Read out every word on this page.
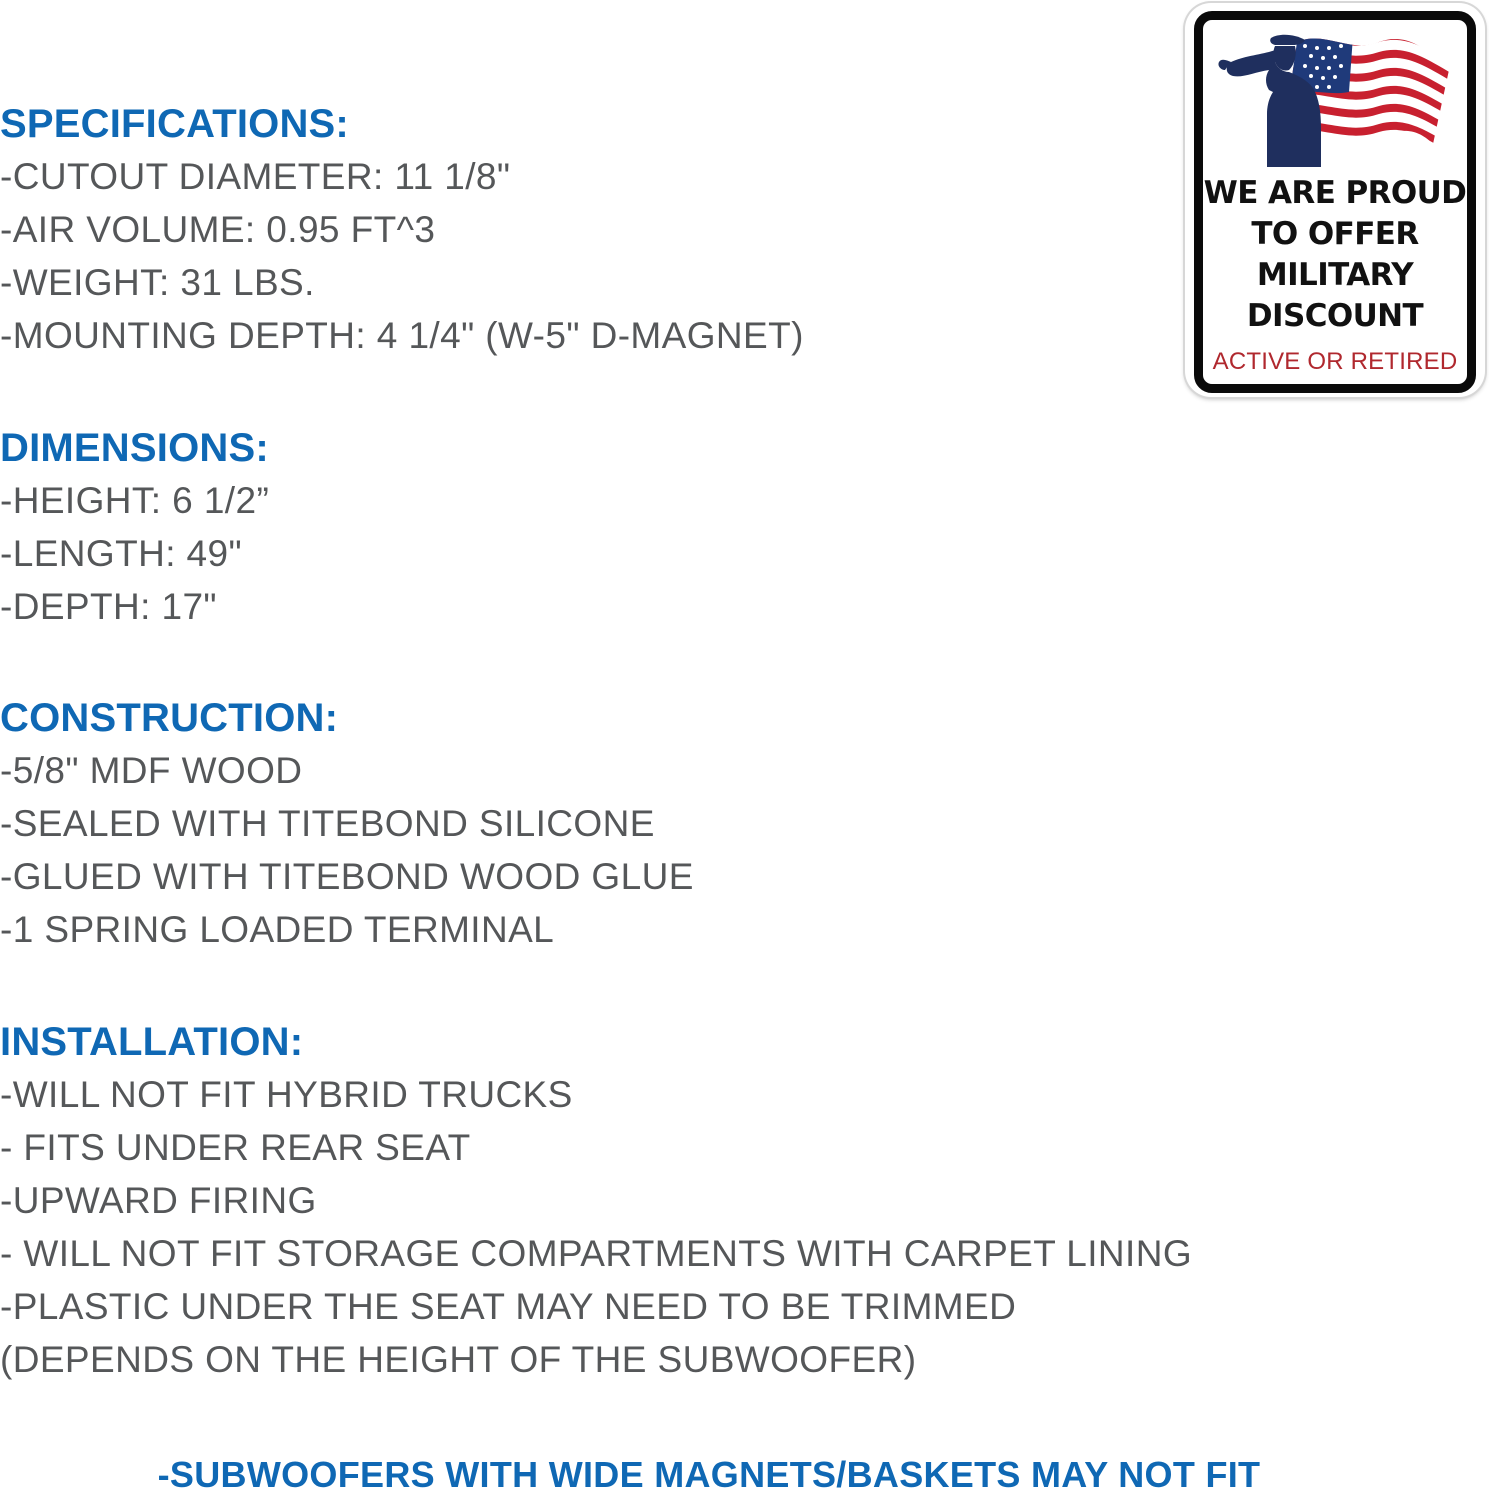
SPECIFICATIONS:

-CUTOUT DIAMETER: 11 1/8"

-AIR VOLUME: 0.95 FT^3

-WEIGHT: 31 LBS.

-MOUNTING DEPTH: 4 1/4" (W-5" D-MAGNET)

DIMENSIONS:

-HEIGHT: 6 1/2”

-LENGTH: 49"

-DEPTH: 17"

CONSTRUCTION:

-5/8" MDF WOOD

-SEALED WITH TITEBOND SILICONE

-GLUED WITH TITEBOND WOOD GLUE

-1 SPRING LOADED TERMINAL

INSTALLATION:

-WILL NOT FIT HYBRID TRUCKS

- FITS UNDER REAR SEAT

-UPWARD FIRING

- WILL NOT FIT STORAGE COMPARTMENTS WITH CARPET LINING

-PLASTIC UNDER THE SEAT MAY NEED TO BE TRIMMED

(DEPENDS ON THE HEIGHT OF THE SUBWOOFER)

-SUBWOOFERS WITH WIDE MAGNETS/BASKETS MAY NOT FIT
WE ARE PROUD
TO OFFER
MILITARY
DISCOUNT
ACTIVE OR RETIRED
